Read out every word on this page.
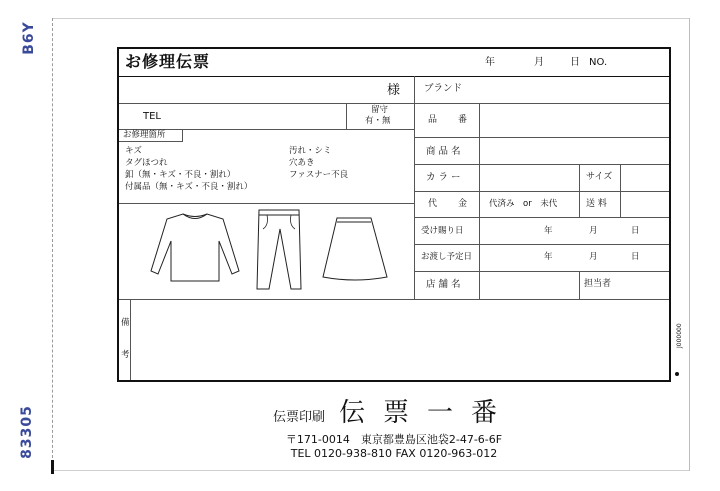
B6Y
83305
お修理伝票	年	月	日 NO.
様
TEL
留守
有・無
お修理箇所
キズ
タグほつれ
釦（無・キズ・不良・割れ）
付属品（無・キズ・不良・割れ）
汚れ・シミ
穴あき
ファスナー不良
ブランド
品　番
商 品 名
カ ラ ー	サイズ
代　金 代済み　or　未代	送 料
受け賜り日	年	月	日
お渡し予定日	年	月	日
店 舗 名	担当者
備
考
J000000
伝票印刷 伝票一番
〒171-0014　東京都豊島区池袋2-47-6-6F
TEL 0120-938-810 FAX 0120-963-012
